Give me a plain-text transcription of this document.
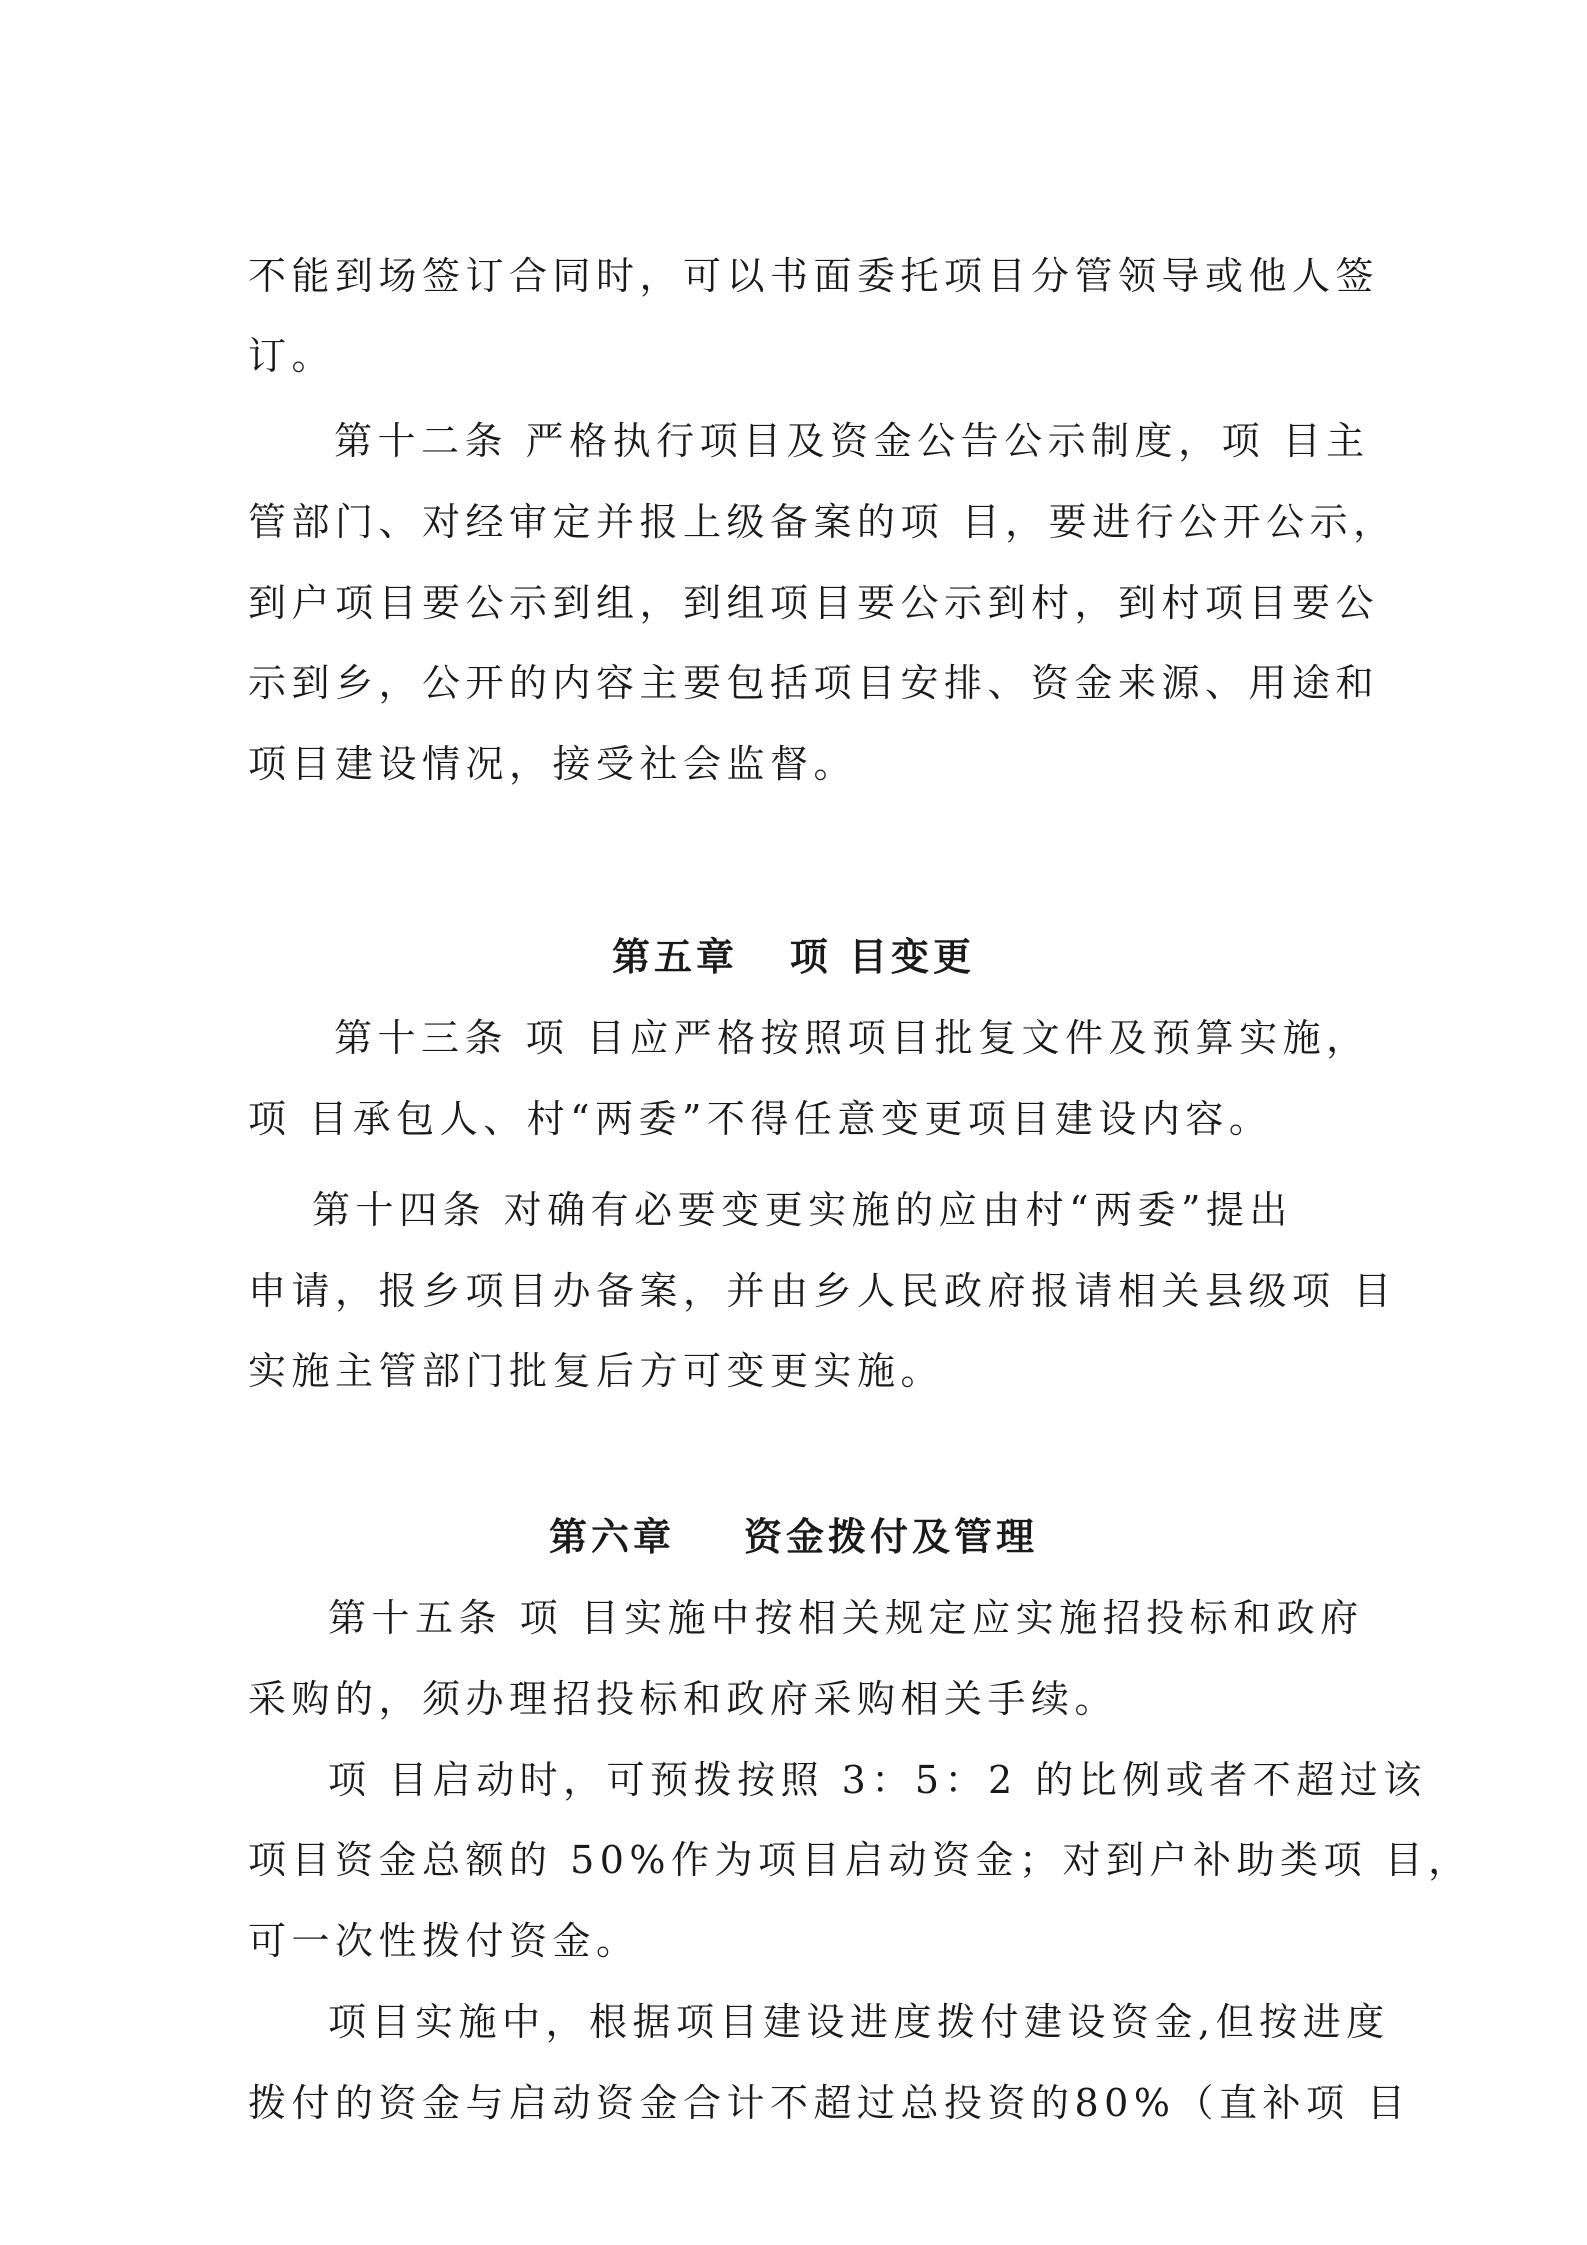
不能到场签订合同时，可以书面委托项目分管领导或他人签
订。
第十二条 严格执行项目及资金公告公示制度，项 目主
管部门、对经审定并报上级备案的项 目，要进行公开公示，
到户项目要公示到组，到组项目要公示到村，到村项目要公
示到乡，公开的内容主要包括项目安排、资金来源、用途和
项目建设情况，接受社会监督。
第五章   项 目变更
第十三条 项 目应严格按照项目批复文件及预算实施，
项 目承包人、村“两委”不得任意变更项目建设内容。
第十四条 对确有必要变更实施的应由村“两委”提出
申请，报乡项目办备案，并由乡人民政府报请相关县级项 目
实施主管部门批复后方可变更实施。
第六章    资金拨付及管理
第十五条 项 目实施中按相关规定应实施招投标和政府
采购的，须办理招投标和政府采购相关手续。
项 目启动时，可预拨按照 3：5：2 的比例或者不超过该
项目资金总额的 50%作为项目启动资金；对到户补助类项 目，
可一次性拨付资金。
项目实施中，根据项目建设进度拨付建设资金,但按进度
拨付的资金与启动资金合计不超过总投资的80%（直补项 目
